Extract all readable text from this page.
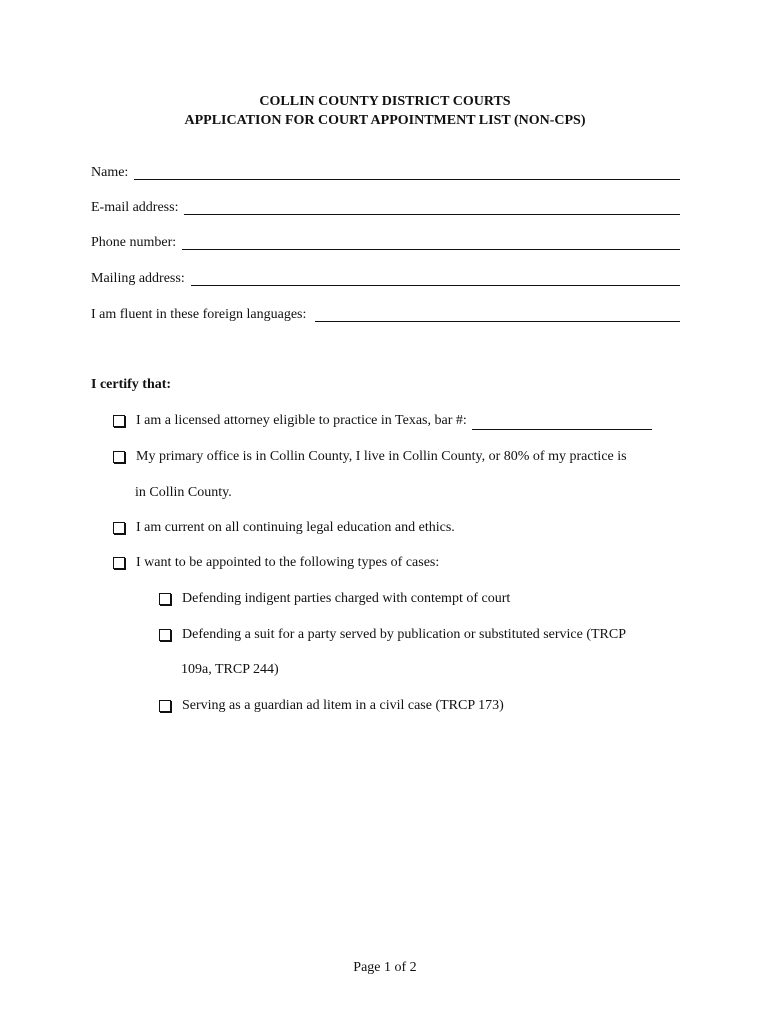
COLLIN COUNTY DISTRICT COURTS
APPLICATION FOR COURT APPOINTMENT LIST (NON-CPS)
Name:
E-mail address:
Phone number:
Mailing address:
I am fluent in these foreign languages:
I certify that:
I am a licensed attorney eligible to practice in Texas, bar #:
My primary office is in Collin County, I live in Collin County, or 80% of my practice is
in Collin County.
I am current on all continuing legal education and ethics.
I want to be appointed to the following types of cases:
Defending indigent parties charged with contempt of court
Defending a suit for a party served by publication or substituted service (TRCP
109a, TRCP 244)
Serving as a guardian ad litem in a civil case (TRCP 173)
Page 1 of 2
